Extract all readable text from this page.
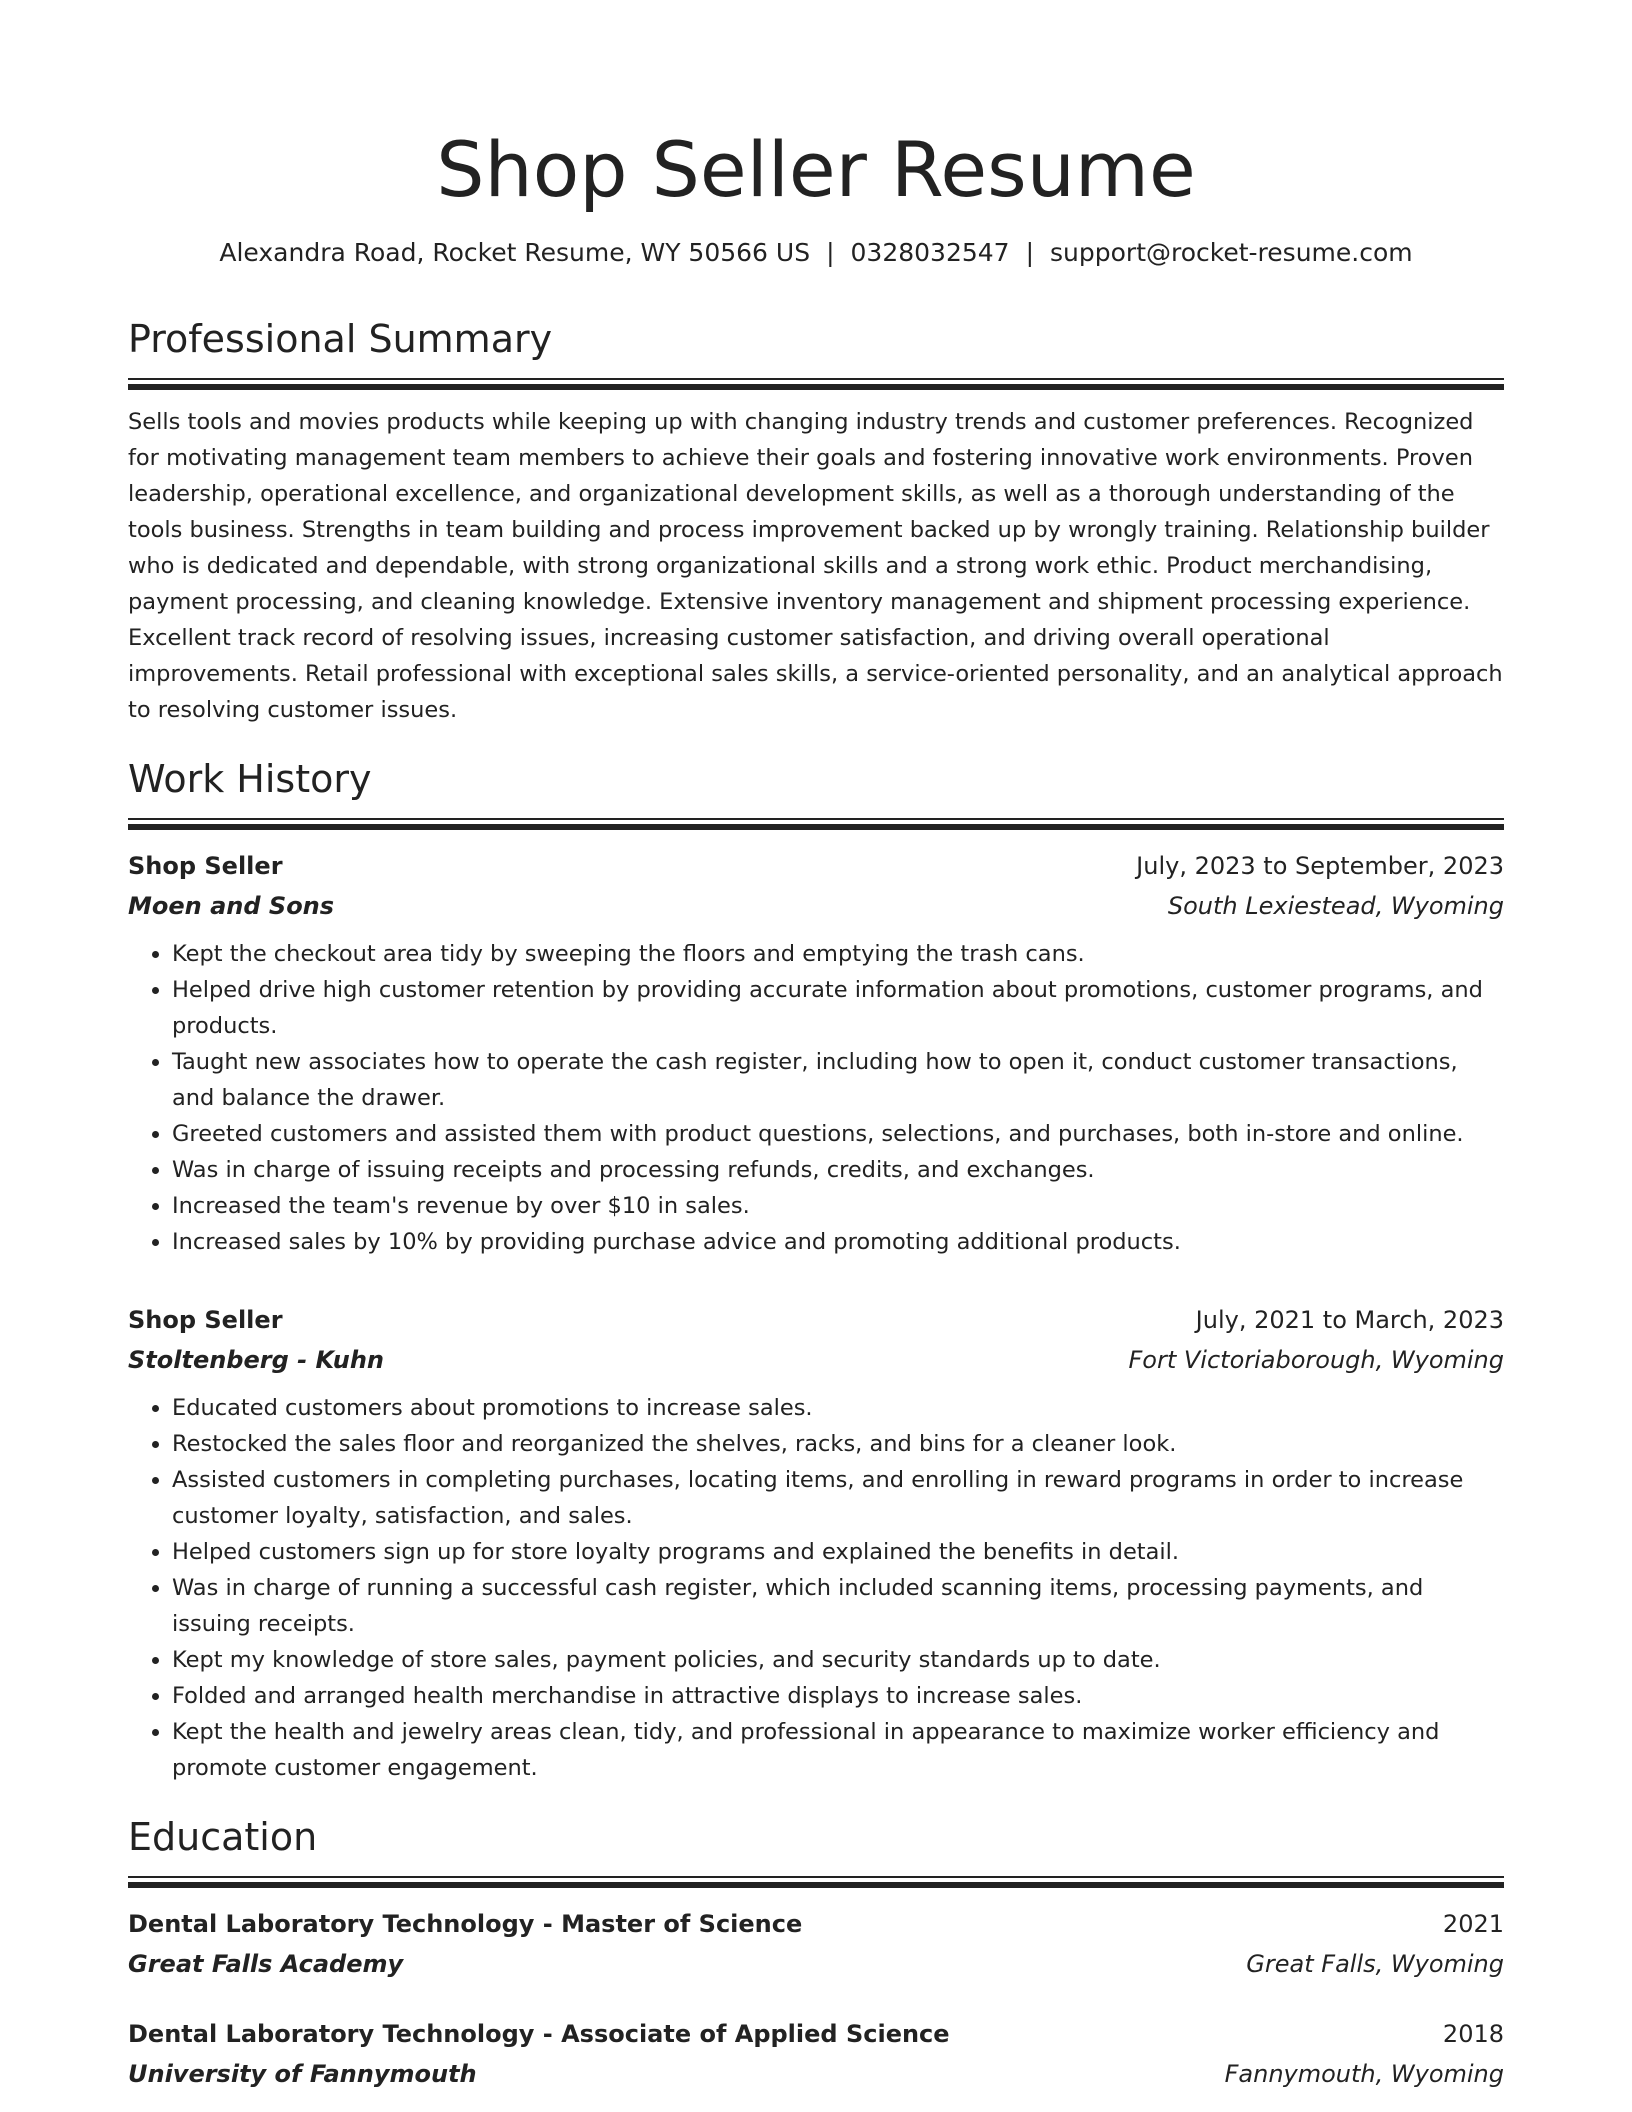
Shop Seller Resume
Alexandra Road, Rocket Resume, WY 50566 US | 0328032547 | support@rocket-resume.com
Professional Summary

Sells tools and movies products while keeping up with changing industry trends and customer preferences. Recognized for motivating management team members to achieve their goals and fostering innovative work environments. Proven leadership, operational excellence, and organizational development skills, as well as a thorough understanding of the tools business. Strengths in team building and process improvement backed up by wrongly training. Relationship builder who is dedicated and dependable, with strong organizational skills and a strong work ethic. Product merchandising, payment processing, and cleaning knowledge. Extensive inventory management and shipment processing experience. Excellent track record of resolving issues, increasing customer satisfaction, and driving overall operational improvements. Retail professional with exceptional sales skills, a service-oriented personality, and an analytical approach to resolving customer issues.

Work History
Shop Seller	July, 2023 to September, 2023
Moen and Sons	South Lexiestead, Wyoming
• Kept the checkout area tidy by sweeping the floors and emptying the trash cans.
• Helped drive high customer retention by providing accurate information about promotions, customer programs, and products.
• Taught new associates how to operate the cash register, including how to open it, conduct customer transactions, and balance the drawer.
• Greeted customers and assisted them with product questions, selections, and purchases, both in-store and online.
• Was in charge of issuing receipts and processing refunds, credits, and exchanges.
• Increased the team's revenue by over $10 in sales.
• Increased sales by 10% by providing purchase advice and promoting additional products.
Shop Seller	July, 2021 to March, 2023
Stoltenberg - Kuhn	Fort Victoriaborough, Wyoming
• Educated customers about promotions to increase sales.
• Restocked the sales floor and reorganized the shelves, racks, and bins for a cleaner look.
• Assisted customers in completing purchases, locating items, and enrolling in reward programs in order to increase customer loyalty, satisfaction, and sales.
• Helped customers sign up for store loyalty programs and explained the benefits in detail.
• Was in charge of running a successful cash register, which included scanning items, processing payments, and issuing receipts.
• Kept my knowledge of store sales, payment policies, and security standards up to date.
• Folded and arranged health merchandise in attractive displays to increase sales.
• Kept the health and jewelry areas clean, tidy, and professional in appearance to maximize worker efficiency and promote customer engagement.
Education
Dental Laboratory Technology - Master of Science	2021
Great Falls Academy	Great Falls, Wyoming
Dental Laboratory Technology - Associate of Applied Science	2018
University of Fannymouth	Fannymouth, Wyoming
